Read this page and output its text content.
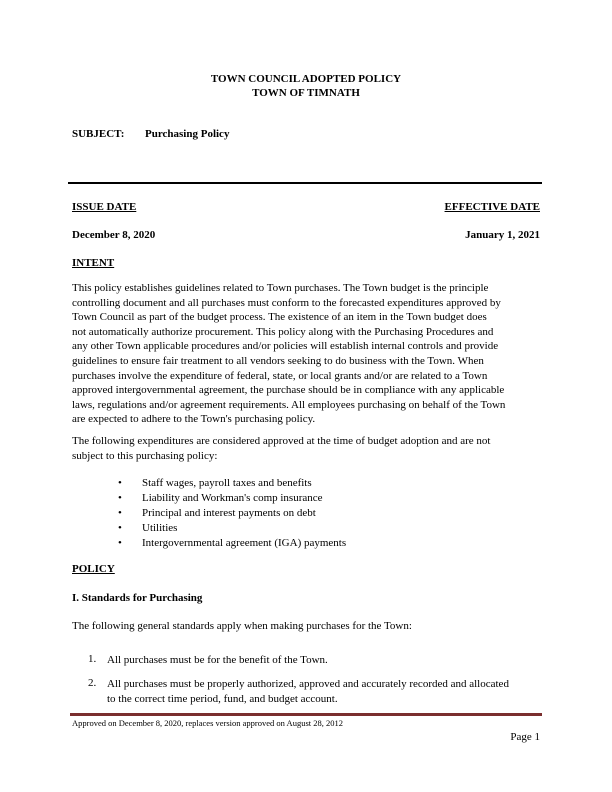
TOWN COUNCIL ADOPTED POLICY
TOWN OF TIMNATH
SUBJECT: Purchasing Policy
ISSUE DATE	EFFECTIVE DATE
December 8, 2020	January 1, 2021
INTENT
This policy establishes guidelines related to Town purchases. The Town budget is the principle
controlling document and all purchases must conform to the forecasted expenditures approved by
Town Council as part of the budget process. The existence of an item in the Town budget does
not automatically authorize procurement. This policy along with the Purchasing Procedures and
any other Town applicable procedures and/or policies will establish internal controls and provide
guidelines to ensure fair treatment to all vendors seeking to do business with the Town. When
purchases involve the expenditure of federal, state, or local grants and/or are related to a Town
approved intergovernmental agreement, the purchase should be in compliance with any applicable
laws, regulations and/or agreement requirements. All employees purchasing on behalf of the Town
are expected to adhere to the Town's purchasing policy.
The following expenditures are considered approved at the time of budget adoption and are not
subject to this purchasing policy:
• Staff wages, payroll taxes and benefits
• Liability and Workman's comp insurance
• Principal and interest payments on debt
• Utilities
• Intergovernmental agreement (IGA) payments
POLICY
I. Standards for Purchasing
The following general standards apply when making purchases for the Town:
1. All purchases must be for the benefit of the Town.
2. All purchases must be properly authorized, approved and accurately recorded and allocated
to the correct time period, fund, and budget account.
Approved on December 8, 2020, replaces version approved on August 28, 2012
Page 1
